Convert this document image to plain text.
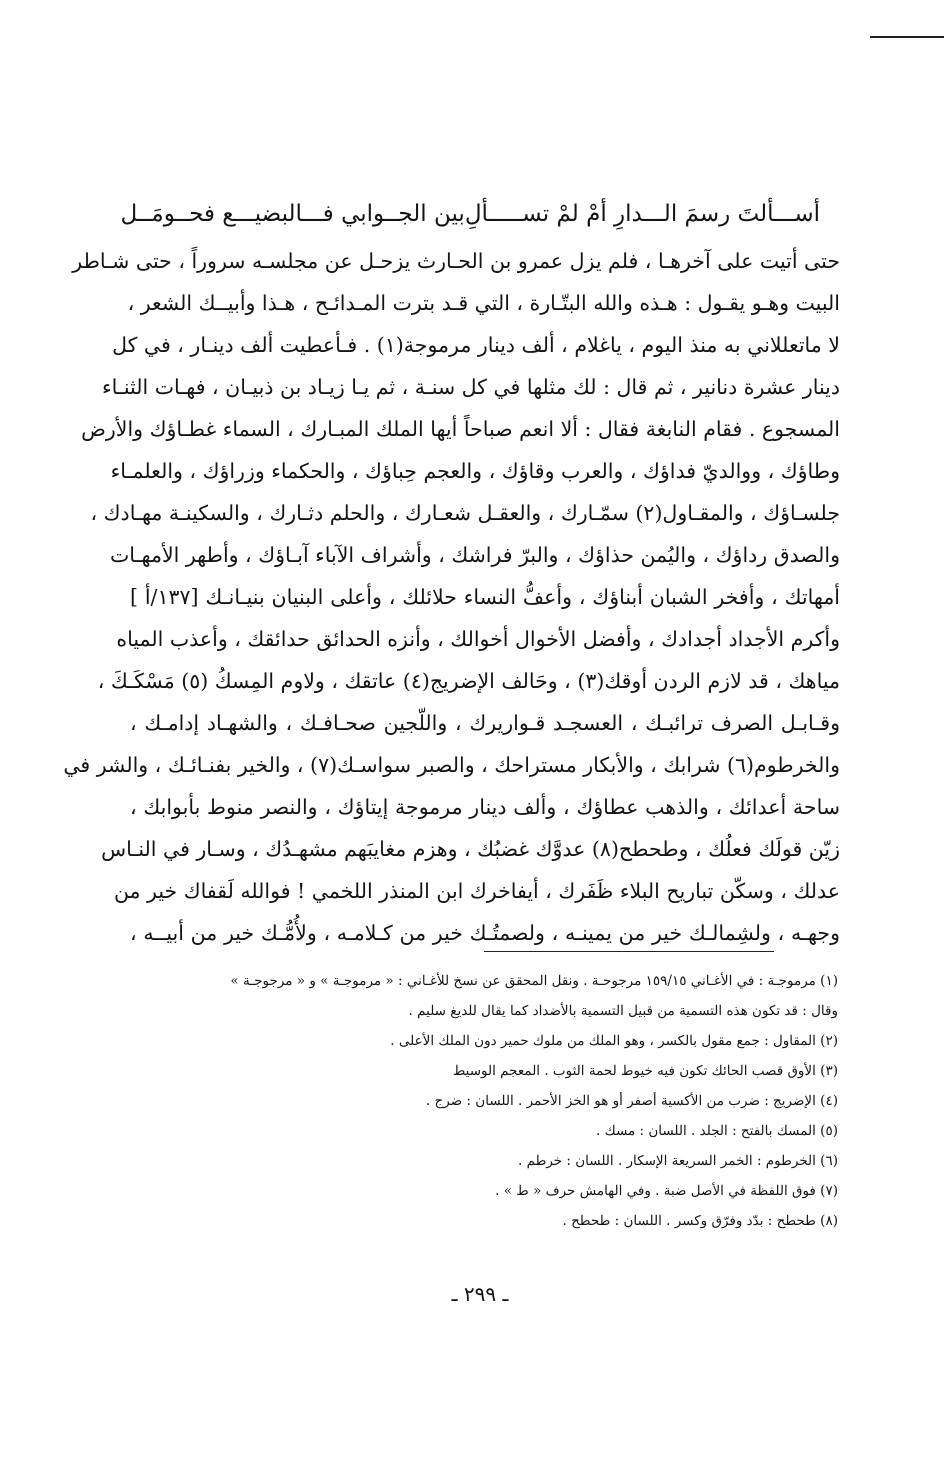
أســـألتَ رسمَ الـــدارِ أمْ لمْ تســـــألِ
بين الجــوابي فـــالبضيـــع فحــومَــل
حتى أتيت على آخرهـا ، فلم يزل عمرو بن الحـارث يزحـل عن مجلسـه سروراً ، حتى شـاطر
البيت وهـو يقـول : هـذه والله البتّـارة ، التي قـد بترت المـدائـح ، هـذا وأبيــك الشعر ،
لا ماتعللاني به منذ اليوم ، ياغلام ، ألف دينار مرموجة(١) . فـأعطيت ألف دينـار ، في كل
دينار عشرة دنانير ، ثم قال : لك مثلها في كل سنـة ، ثم يـا زيـاد بن ذبيـان ، فهـات الثنـاء
المسجوع . فقام النابغة فقال : ألا انعم صباحاً أيها الملك المبـارك ، السماء غطـاؤك والأرض
وطاؤك ، ووالديّ فداؤك ، والعرب وقاؤك ، والعجم حِباؤك ، والحكماء وزراؤك ، والعلمـاء
جلسـاؤك ، والمقـاول(٢) سمّـارك ، والعقـل شعـارك ، والحلم دثـارك ، والسكينـة مهـادك ،
والصدق رداؤك ، واليُمن حذاؤك ، والبرّ فراشك ، وأشراف الآباء آبـاؤك ، وأطهر الأمهـات
أمهاتك ، وأفخر الشبان أبناؤك ، وأعفُّ النساء حلائلك ، وأعلى البنيان بنيـانـك [١٣٧/أ ]
وأكرم الأجداد أجدادك ، وأفضل الأخوال أخوالك ، وأنزه الحدائق حدائقك ، وأعذب المياه
مياهك ، قد لازم الردن أوقك(٣) ، وحَالف الإضريج(٤) عاتقك ، ولاوم المِسكُ (٥) مَسْكَـكَ ،
وقـابـل الصرف ترائبـك ، العسجـد قـواريرك ، واللّجين صحـافـك ، والشهـاد إدامـك ،
والخرطوم(٦) شرابك ، والأبكار مستراحك ، والصبر سواسـك(٧) ، والخير بفنـائـك ، والشر في
ساحة أعدائك ، والذهب عطاؤك ، وألف دينار مرموجة إيتاؤك ، والنصر منوط بأبوابك ،
زيّن قولَك فعلُك ، وطحطح(٨) عدوَّك غضبُك ، وهزم مغايبَهم مشهـدُك ، وسـار في النـاس
عدلك ، وسكّن تباريح البلاء ظَفَرك ، أيفاخرك ابن المنذر اللخمي ! فوالله لَقفاك خير من
وجهـه ، ولشِمالـك خير من يمينـه ، ولصمتُـك خير من كـلامـه ، ولأُمُّـك خير من أبيــه ،
(١) مرموجـة : في الأغـاني ١٥٩/١٥ مرجوحـة . ونقل المحقق عن نسخ للأغـاني : « مرموجـة » و « مرجوجـة »
وقال : قد تكون هذه التسمية من قبيل التسمية بالأضداد كما يقال للديغ سليم .
(٢) المقاول : جمع مقول بالكسر ، وهو الملك من ملوك حمير دون الملك الأعلى .
(٣) الأوق قصب الحائك تكون فيه خيوط لحمة الثوب . المعجم الوسيط
(٤) الإضريج : ضرب من الأكسية أصفر أو هو الخز الأحمر . اللسان : ضرج .
(٥) المسك بالفتح : الجلد . اللسان : مسك .
(٦) الخرطوم : الخمر السريعة الإسكار . اللسان : خرطم .
(٧) فوق اللفظة في الأصل ضبة . وفي الهامش حرف « ط » .
(٨) طحطح : بدّد وفرّق وكسر . اللسان : طحطح .
ـ ٢٩٩ ـ
